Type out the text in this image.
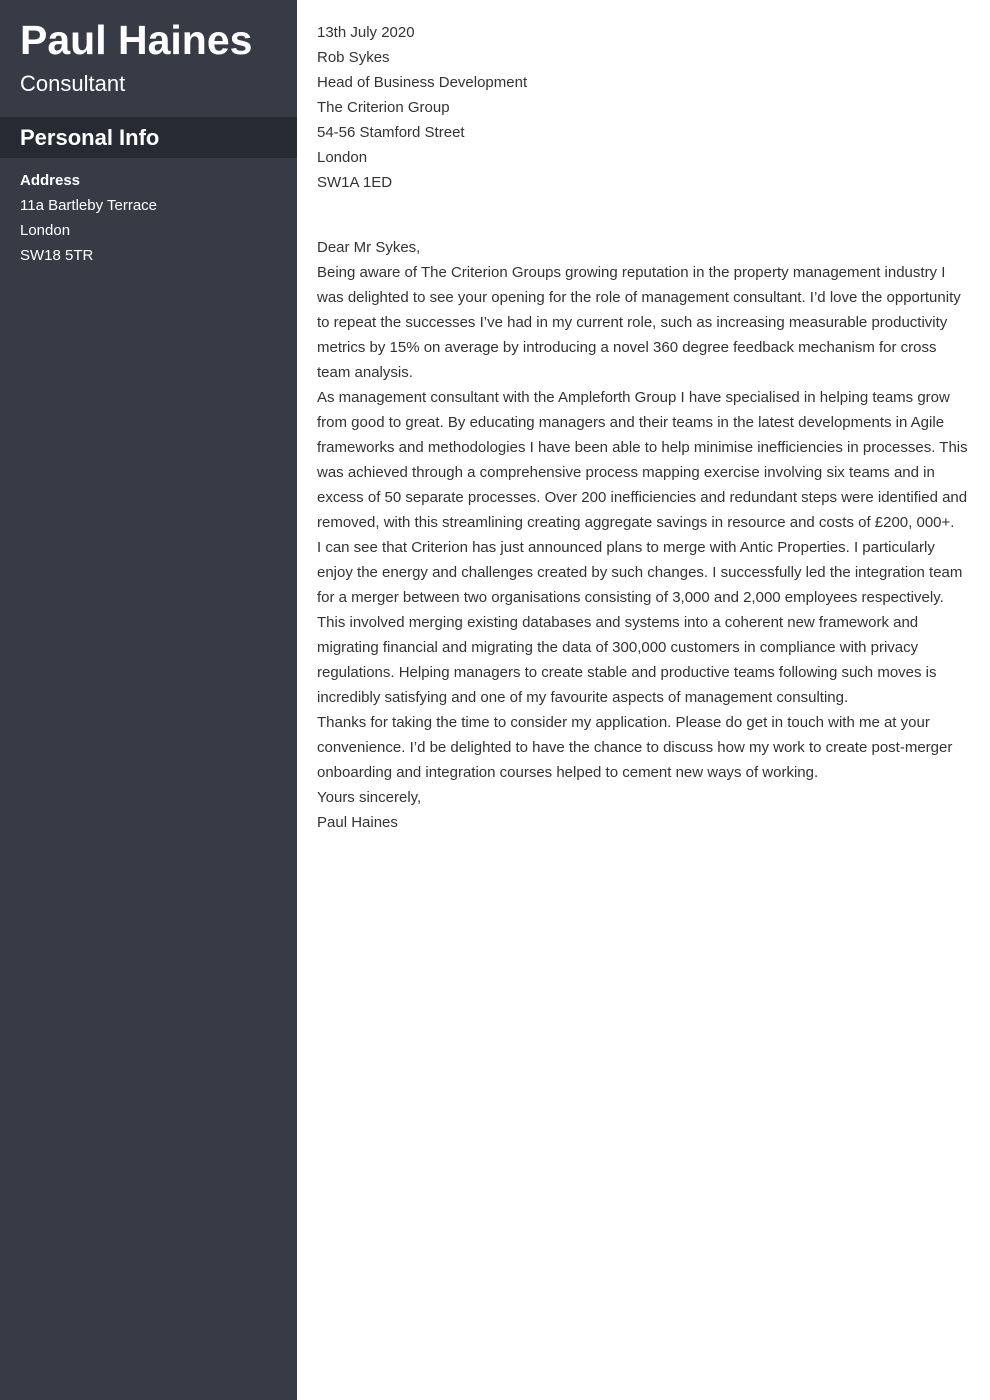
Paul Haines
Consultant
Personal Info
Address
11a Bartleby Terrace
London
SW18 5TR

13th July 2020

Rob Sykes
Head of Business Development
The Criterion Group
54-56 Stamford Street
London
SW1A 1ED

Dear Mr Sykes,

Being aware of The Criterion Groups growing reputation in the property management industry I was delighted to see your opening for the role of management consultant. I’d love the opportunity to repeat the successes I’ve had in my current role, such as increasing measurable productivity metrics by 15% on average by introducing a novel 360 degree feedback mechanism for cross team analysis.

As management consultant with the Ampleforth Group I have specialised in helping teams grow from good to great. By educating managers and their teams in the latest developments in Agile frameworks and methodologies I have been able to help minimise inefficiencies in processes. This was achieved through a comprehensive process mapping exercise involving six teams and in excess of 50 separate processes. Over 200 inefficiencies and redundant steps were identified and removed, with this streamlining creating aggregate savings in resource and costs of £200, 000+.

I can see that Criterion has just announced plans to merge with Antic Properties. I particularly enjoy the energy and challenges created by such changes. I successfully led the integration team for a merger between two organisations consisting of 3,000 and 2,000 employees respectively. This involved merging existing databases and systems into a coherent new framework and migrating financial and migrating the data of 300,000 customers in compliance with privacy regulations. Helping managers to create stable and productive teams following such moves is incredibly satisfying and one of my favourite aspects of management consulting.

Thanks for taking the time to consider my application. Please do get in touch with me at your convenience. I’d be delighted to have the chance to discuss how my work to create post-merger onboarding and integration courses helped to cement new ways of working.

Yours sincerely,
Paul Haines
